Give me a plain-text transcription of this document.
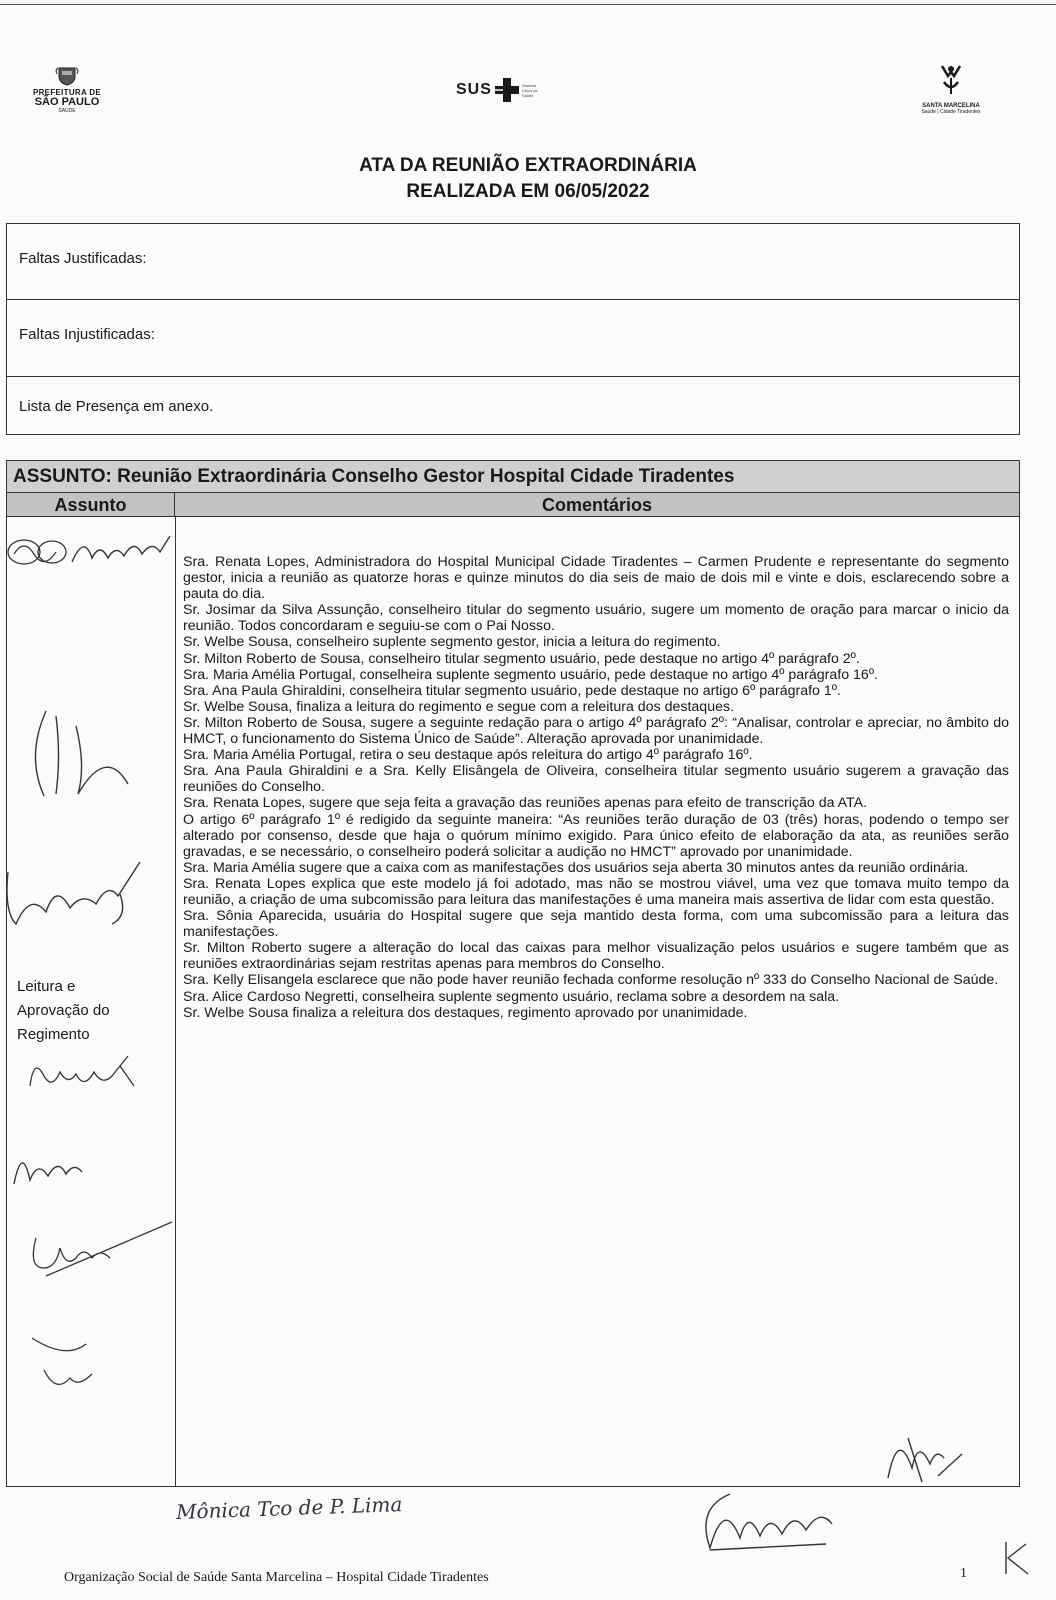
PREFEITURA DE
SÃO PAULO
SAÚDE
SUS	Sistema Único de Saúde
SANTA MARCELINA
Saúde | Cidade Tiradentes
ATA DA REUNIÃO EXTRAORDINÁRIA
REALIZADA EM 06/05/2022
Faltas Justificadas:
Faltas Injustificadas:
Lista de Presença em anexo.
ASSUNTO: Reunião Extraordinária Conselho Gestor Hospital Cidade Tiradentes
Assunto	Comentários
Leitura e
Aprovação do
Regimento

Sra. Renata Lopes, Administradora do Hospital Municipal Cidade Tiradentes – Carmen Prudente e representante do segmento gestor, inicia a reunião as quatorze horas e quinze minutos do dia seis de maio de dois mil e vinte e dois, esclarecendo sobre a pauta do dia.

Sr. Josimar da Silva Assunção, conselheiro titular do segmento usuário, sugere um momento de oração para marcar o inicio da reunião. Todos concordaram e seguiu-se com o Pai Nosso.

Sr. Welbe Sousa, conselheiro suplente segmento gestor, inicia a leitura do regimento.

Sr. Milton Roberto de Sousa, conselheiro titular segmento usuário, pede destaque no artigo 4º parágrafo 2º.

Sra. Maria Amélia Portugal, conselheira suplente segmento usuário, pede destaque no artigo 4º parágrafo 16º.

Sra. Ana Paula Ghiraldini, conselheira titular segmento usuário, pede destaque no artigo 6º parágrafo 1º.

Sr. Welbe Sousa, finaliza a leitura do regimento e segue com a releitura dos destaques.

Sr. Milton Roberto de Sousa, sugere a seguinte redação para o artigo 4º parágrafo 2º: “Analisar, controlar e apreciar, no âmbito do HMCT, o funcionamento do Sistema Único de Saúde”. Alteração aprovada por unanimidade.

Sra. Maria Amélia Portugal, retira o seu destaque após releitura do artigo 4º parágrafo 16º.

Sra. Ana Paula Ghiraldini e a Sra. Kelly Elisângela de Oliveira, conselheira titular segmento usuário sugerem a gravação das reuniões do Conselho.

Sra. Renata Lopes, sugere que seja feita a gravação das reuniões apenas para efeito de transcrição da ATA.

O artigo 6º parágrafo 1º é redigido da seguinte maneira: “As reuniões terão duração de 03 (três) horas, podendo o tempo ser alterado por consenso, desde que haja o quórum mínimo exigido. Para único efeito de elaboração da ata, as reuniões serão gravadas, e se necessário, o conselheiro poderá solicitar a audição no HMCT” aprovado por unanimidade.

Sra. Maria Amélia sugere que a caixa com as manifestações dos usuários seja aberta 30 minutos antes da reunião ordinária.

Sra. Renata Lopes explica que este modelo já foi adotado, mas não se mostrou viável, uma vez que tomava muito tempo da reunião, a criação de uma subcomissão para leitura das manifestações é uma maneira mais assertiva de lidar com esta questão.

Sra. Sônia Aparecida, usuária do Hospital sugere que seja mantido desta forma, com uma subcomissão para a leitura das manifestações.

Sr. Milton Roberto sugere a alteração do local das caixas para melhor visualização pelos usuários e sugere também que as reuniões extraordinárias sejam restritas apenas para membros do Conselho.

Sra. Kelly Elisangela esclarece que não pode haver reunião fechada conforme resolução nº 333 do Conselho Nacional de Saúde.

Sra. Alice Cardoso Negretti, conselheira suplente segmento usuário, reclama sobre a desordem na sala.

Sr. Welbe Sousa finaliza a releitura dos destaques, regimento aprovado por unanimidade.

Mônica Tco de P. Lima
Organização Social de Saúde Santa Marcelina – Hospital Cidade Tiradentes	1
